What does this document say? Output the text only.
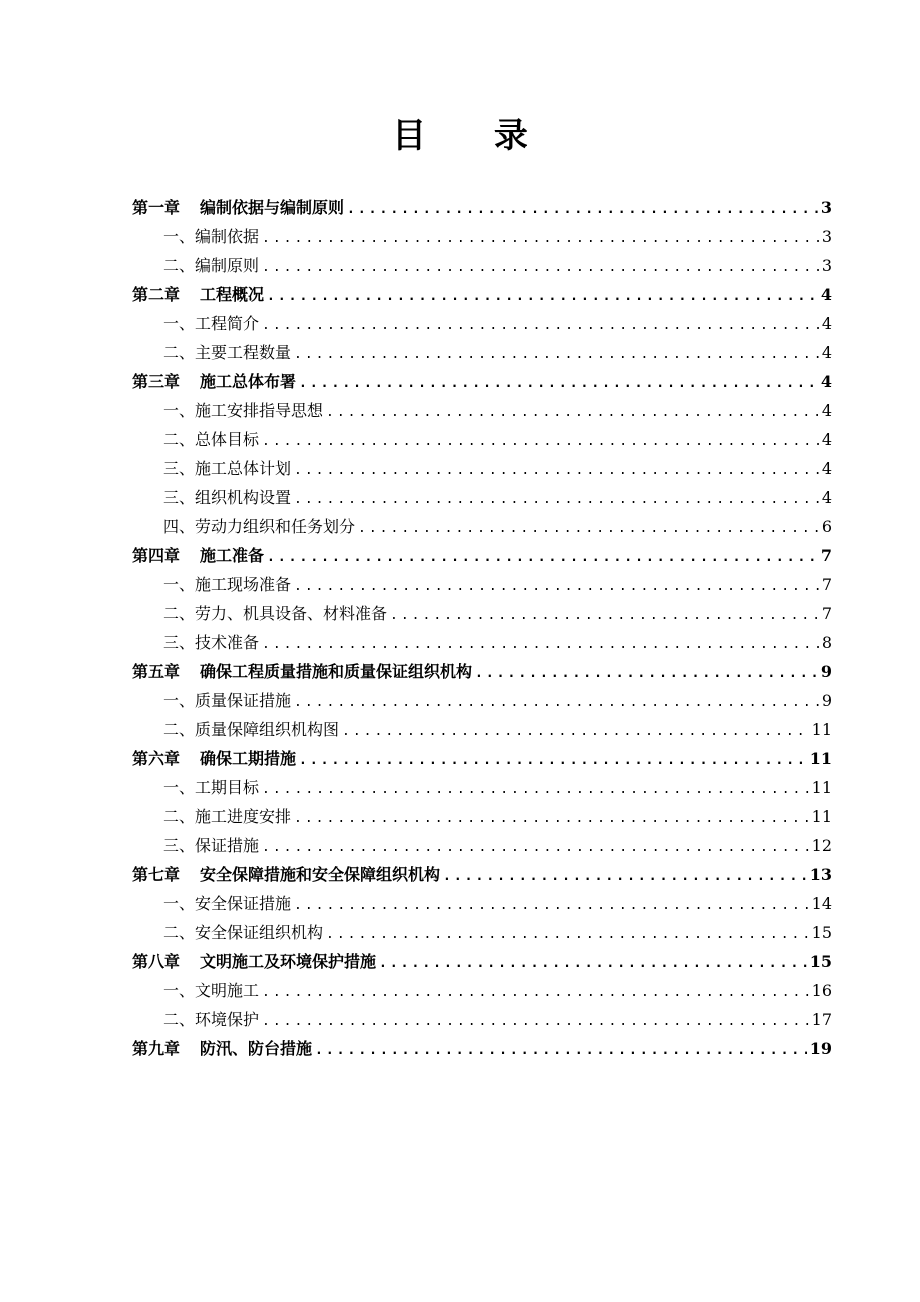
目 录
第一章 编制依据与编制原则 .....	3
一、编制依据 .....	3
二、编制原则 .....	3
第二章 工程概况 .....	4
一、工程简介 .....	4
二、主要工程数量 .....	4
第三章 施工总体布署 .....	4
一、施工安排指导思想 .....	4
二、总体目标 .....	4
三、施工总体计划 .....	4
三、组织机构设置 .....	4
四、劳动力组织和任务划分 .....	6
第四章 施工准备 .....	7
一、施工现场准备 .....	7
二、劳力、机具设备、材料准备 .....	7
三、技术准备 .....	8
第五章 确保工程质量措施和质量保证组织机构 .....	9
一、质量保证措施 .....	9
二、质量保障组织机构图 .....	11
第六章 确保工期措施 .....	11
一、工期目标 .....	11
二、施工进度安排 .....	11
三、保证措施 .....	12
第七章 安全保障措施和安全保障组织机构 .....	13
一、安全保证措施 .....	14
二、安全保证组织机构 .....	15
第八章 文明施工及环境保护措施 .....	15
一、文明施工 .....	16
二、环境保护 .....	17
第九章 防汛、防台措施 .....	19
